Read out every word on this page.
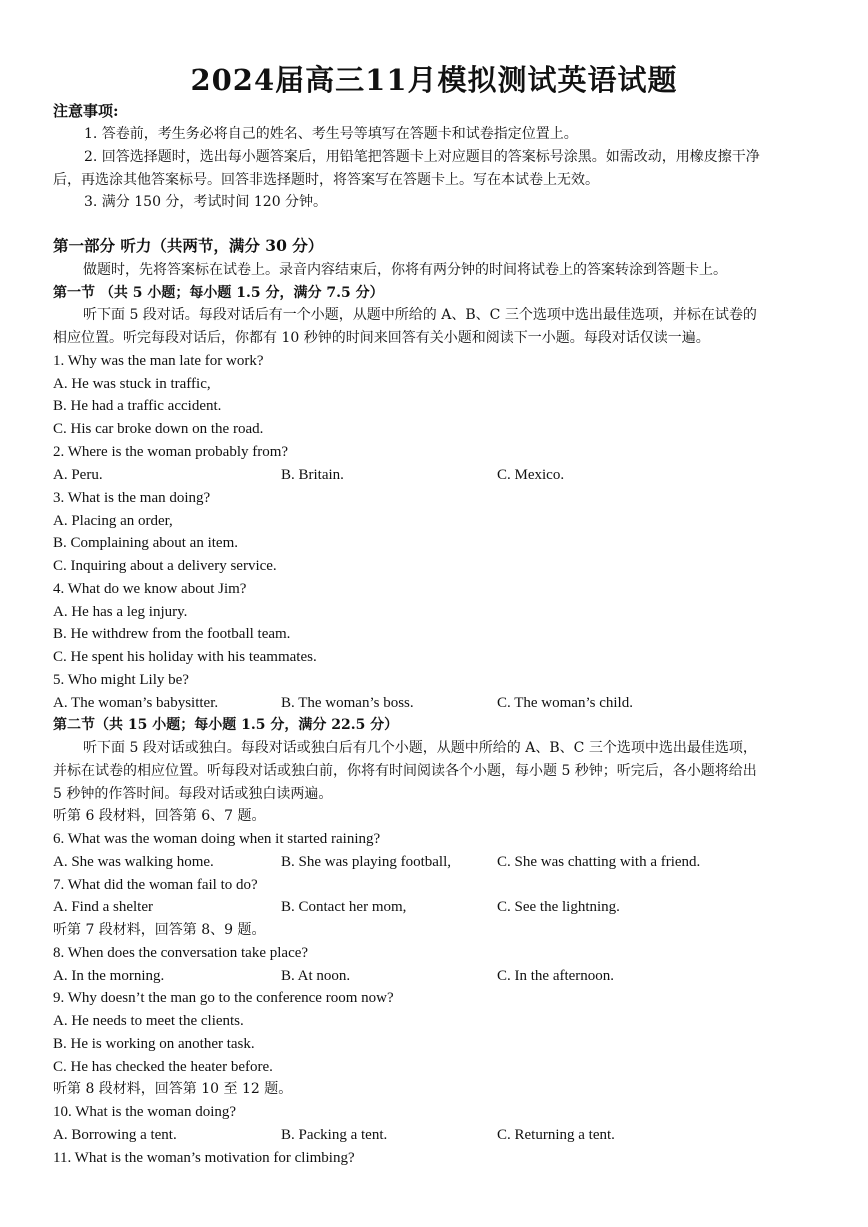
2024届高三11月模拟测试英语试题
注意事项:
1. 答卷前，考生务必将自己的姓名、考生号等填写在答题卡和试卷指定位置上。
2. 回答选择题时，选出每小题答案后，用铅笔把答题卡上对应题目的答案标号涂黑。如需改动，用橡皮擦干净
后，再选涂其他答案标号。回答非选择题时，将答案写在答题卡上。写在本试卷上无效。
3. 满分 150 分，考试时间 120 分钟。
第一部分 听力（共两节，满分 30 分）
做题时，先将答案标在试卷上。录音内容结束后，你将有两分钟的时间将试卷上的答案转涂到答题卡上。
第一节 （共 5 小题；每小题 1.5 分，满分 7.5 分）
听下面 5 段对话。每段对话后有一个小题，从题中所给的 A、B、C 三个选项中选出最佳选项，并标在试卷的
相应位置。听完每段对话后，你都有 10 秒钟的时间来回答有关小题和阅读下一小题。每段对话仅读一遍。
1. Why was the man late for work?
A. He was stuck in traffic,
B. He had a traffic accident.
C. His car broke down on the road.
2. Where is the woman probably from?
A. Peru.	B. Britain.	C. Mexico.
3. What is the man doing?
A. Placing an order,
B. Complaining about an item.
C. Inquiring about a delivery service.
4. What do we know about Jim?
A. He has a leg injury.
B. He withdrew from the football team.
C. He spent his holiday with his teammates.
5. Who might Lily be?
A. The woman’s babysitter.	B. The woman’s boss.	C. The woman’s child.
第二节（共 15 小题；每小题 1.5 分，满分 22.5 分）
听下面 5 段对话或独白。每段对话或独白后有几个小题，从题中所给的 A、B、C 三个选项中选出最佳选项，
并标在试卷的相应位置。听每段对话或独白前，你将有时间阅读各个小题，每小题 5 秒钟；听完后，各小题将给出
5 秒钟的作答时间。每段对话或独白读两遍。
听第 6 段材料，回答第 6、7 题。
6. What was the woman doing when it started raining?
A. She was walking home.	B. She was playing football,	C. She was chatting with a friend.
7. What did the woman fail to do?
A. Find a shelter	B. Contact her mom,	C. See the lightning.
听第 7 段材料，回答第 8、9 题。
8. When does the conversation take place?
A. In the morning.	B. At noon.	C. In the afternoon.
9. Why doesn’t the man go to the conference room now?
A. He needs to meet the clients.
B. He is working on another task.
C. He has checked the heater before.
听第 8 段材料，回答第 10 至 12 题。
10. What is the woman doing?
A. Borrowing a tent.	B. Packing a tent.	C. Returning a tent.
11. What is the woman’s motivation for climbing?
